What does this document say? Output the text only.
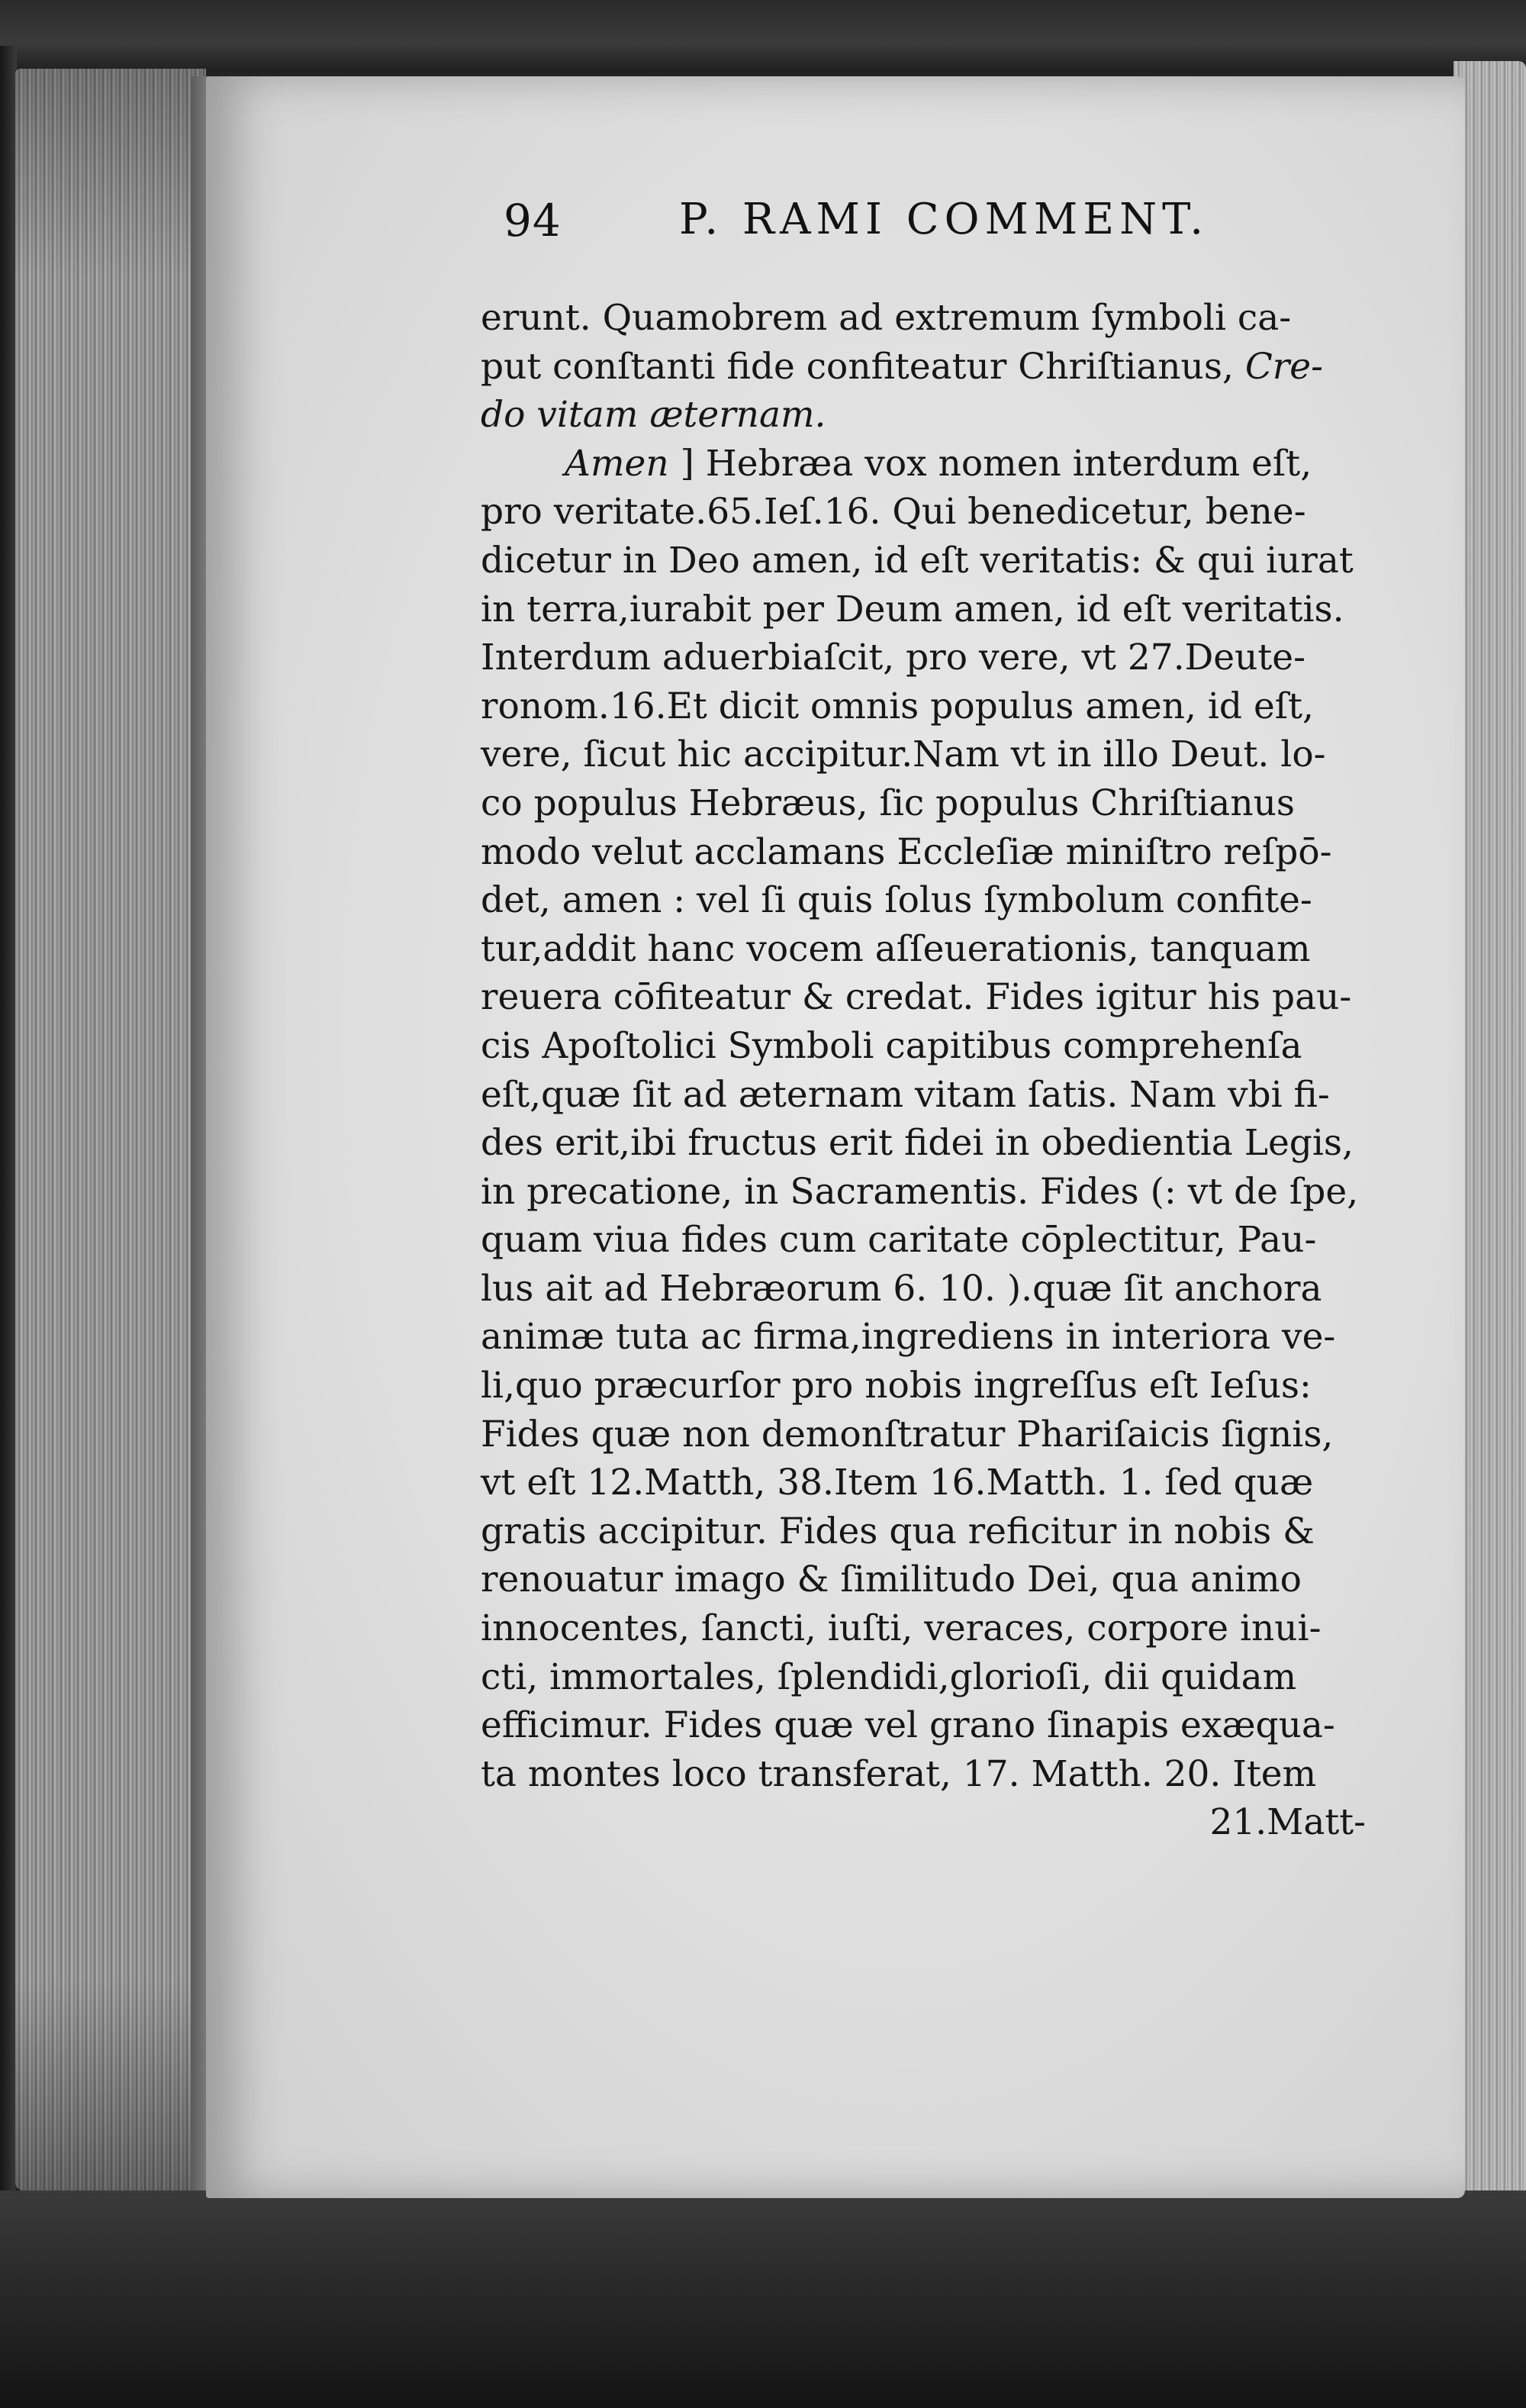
94	P. RAMI COMMENT.
erunt. Quamobrem ad extremum ſymboli ca-
put conſtanti fide confiteatur Chriſtianus, Cre-
do vitam æternam.
Amen ] Hebræa vox nomen interdum eſt,
pro veritate.65.Ieſ.16. Qui benedicetur, bene-
dicetur in Deo amen, id eſt veritatis: & qui iurat
in terra,iurabit per Deum amen, id eſt veritatis.
Interdum aduerbiaſcit, pro vere, vt 27.Deute-
ronom.16.Et dicit omnis populus amen, id eſt,
vere, ſicut hic accipitur.Nam vt in illo Deut. lo-
co populus Hebræus, ſic populus Chriſtianus
modo velut acclamans Eccleſiæ miniſtro reſpō-
det, amen : vel ſi quis ſolus ſymbolum confite-
tur,addit hanc vocem aſſeuerationis, tanquam
reuera cōfiteatur & credat. Fides igitur his pau-
cis Apoſtolici Symboli capitibus comprehenſa
eſt,quæ ſit ad æternam vitam ſatis. Nam vbi fi-
des erit,ibi fructus erit fidei in obedientia Legis,
in precatione, in Sacramentis. Fides (: vt de ſpe,
quam viua fides cum caritate cōplectitur, Pau-
lus ait ad Hebræorum 6. 10. ).quæ ſit anchora
animæ tuta ac firma,ingrediens in interiora ve-
li,quo præcurſor pro nobis ingreſſus eſt Ieſus:
Fides quæ non demonſtratur Phariſaicis ſignis,
vt eſt 12.Matth, 38.Item 16.Matth. 1. ſed quæ
gratis accipitur. Fides qua reficitur in nobis &
renouatur imago & ſimilitudo Dei, qua animo
innocentes, ſancti, iuſti, veraces, corpore inui-
cti, immortales, ſplendidi,glorioſi, dii quidam
efficimur. Fides quæ vel grano ſinapis exæqua-
ta montes loco transferat, 17. Matth. 20. Item
21.Matt-
